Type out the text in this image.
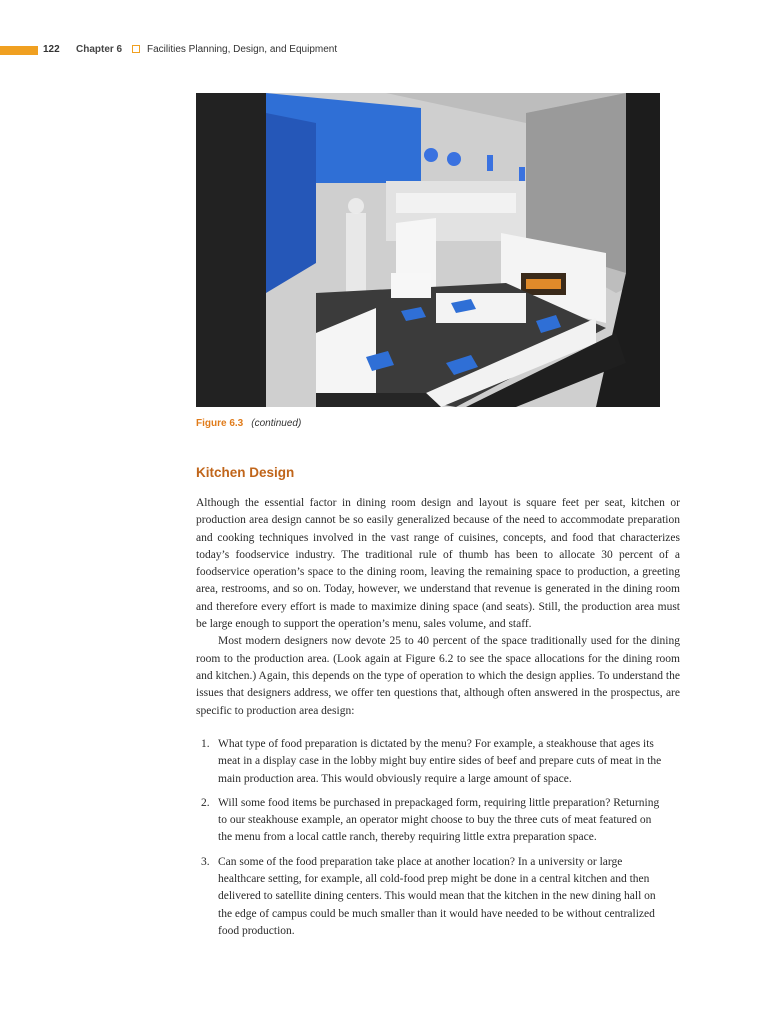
122 Chapter 6 Facilities Planning, Design, and Equipment
Figure 6.3 (continued)
Kitchen Design

Although the essential factor in dining room design and layout is square feet per seat, kitchen or production area design cannot be so easily generalized because of the need to accommodate preparation and cooking techniques involved in the vast range of cuisines, concepts, and food that characterizes today’s foodservice industry. The traditional rule of thumb has been to allocate 30 percent of a foodservice operation’s space to the dining room, leaving the remaining space to production, a greeting area, restrooms, and so on. Today, however, we understand that revenue is generated in the dining room and therefore every effort is made to maximize dining space (and seats). Still, the production area must be large enough to support the operation’s menu, sales volume, and staff.

Most modern designers now devote 25 to 40 percent of the space traditionally used for the dining room to the production area. (Look again at Figure 6.2 to see the space allocations for the dining room and kitchen.) Again, this depends on the type of operation to which the design applies. To understand the issues that designers address, we offer ten questions that, although often answered in the prospectus, are specific to production area design:

1. What type of food preparation is dictated by the menu? For example, a steakhouse that ages its meat in a display case in the lobby might buy entire sides of beef and prepare cuts of meat in the main production area. This would obviously require a large amount of space.
2. Will some food items be purchased in prepackaged form, requiring little preparation? Returning to our steakhouse example, an operator might choose to buy the three cuts of meat featured on the menu from a local cattle ranch, thereby requiring little extra preparation space.
3. Can some of the food preparation take place at another location? In a university or large healthcare setting, for example, all cold-food prep might be done in a central kitchen and then delivered to satellite dining centers. This would mean that the kitchen in the new dining hall on the edge of campus could be much smaller than it would have needed to be without centralized food production.
